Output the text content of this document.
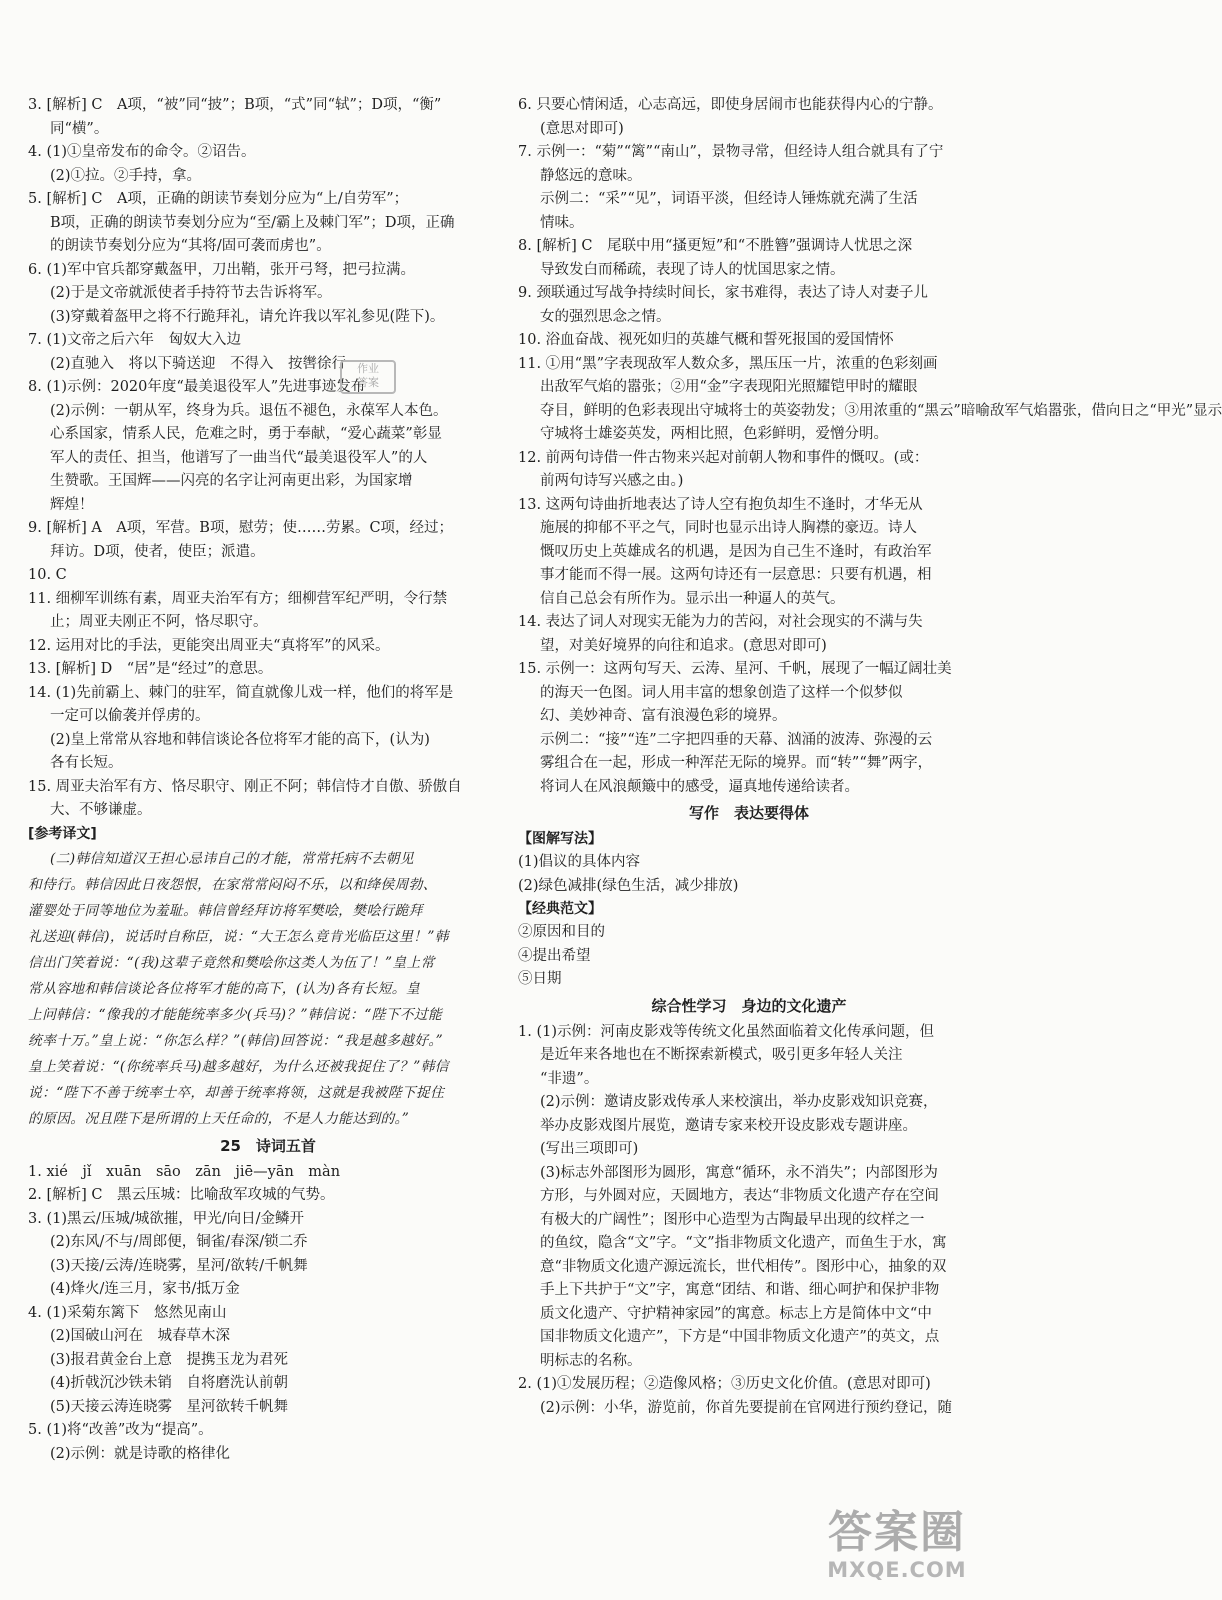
3. [解析] C　A项，“被”同“披”；B项，“式”同“轼”；D项，“衡”
同“横”。
4. (1)①皇帝发布的命令。②诏告。
(2)①拉。②手持，拿。
5. [解析] C　A项，正确的朗读节奏划分应为“上/自劳军”；
B项，正确的朗读节奏划分应为“至/霸上及棘门军”；D项，正确
的朗读节奏划分应为“其将/固可袭而虏也”。
6. (1)军中官兵都穿戴盔甲，刀出鞘，张开弓弩，把弓拉满。
(2)于是文帝就派使者手持符节去告诉将军。
(3)穿戴着盔甲之将不行跪拜礼，请允许我以军礼参见(陛下)。
7. (1)文帝之后六年　匈奴大入边
(2)直驰入　将以下骑送迎　不得入　按辔徐行
8. (1)示例：2020年度“最美退役军人”先进事迹发布
(2)示例：一朝从军，终身为兵。退伍不褪色，永葆军人本色。
心系国家，情系人民，危难之时，勇于奉献，“爱心蔬菜”彰显
军人的责任、担当，他谱写了一曲当代“最美退役军人”的人
生赞歌。王国辉——闪亮的名字让河南更出彩，为国家增
辉煌！
9. [解析] A　A项，军营。B项，慰劳；使……劳累。C项，经过；
拜访。D项，使者，使臣；派遣。
10. C
11. 细柳军训练有素，周亚夫治军有方；细柳营军纪严明，令行禁
止；周亚夫刚正不阿，恪尽职守。
12. 运用对比的手法，更能突出周亚夫“真将军”的风采。
13. [解析] D　“居”是“经过”的意思。
14. (1)先前霸上、棘门的驻军，简直就像儿戏一样，他们的将军是
一定可以偷袭并俘虏的。
(2)皇上常常从容地和韩信谈论各位将军才能的高下，(认为)
各有长短。
15. 周亚夫治军有方、恪尽职守、刚正不阿；韩信恃才自傲、骄傲自
大、不够谦虚。
[参考译文]
(二)韩信知道汉王担心忌讳自己的才能，常常托病不去朝见
和侍行。韩信因此日夜怨恨，在家常常闷闷不乐，以和绛侯周勃、
灌婴处于同等地位为羞耻。韩信曾经拜访将军樊哙，樊哙行跪拜
礼送迎(韩信)，说话时自称臣，说：“大王怎么竟肯光临臣这里！”韩
信出门笑着说：“(我)这辈子竟然和樊哙你这类人为伍了！”皇上常
常从容地和韩信谈论各位将军才能的高下，(认为)各有长短。皇
上问韩信：“像我的才能能统率多少(兵马)？”韩信说：“陛下不过能
统率十万。”皇上说：“你怎么样？”(韩信)回答说：“我是越多越好。”
皇上笑着说：“(你统率兵马)越多越好，为什么还被我捉住了？”韩信
说：“陛下不善于统率士卒，却善于统率将领，这就是我被陛下捉住
的原因。况且陛下是所谓的上天任命的，不是人力能达到的。”
25　诗词五首
1. xié　jǐ　xuān　sāo　zān　jiē—yān　màn
2. [解析] C　黑云压城：比喻敌军攻城的气势。
3. (1)黑云/压城/城欲摧，甲光/向日/金鳞开
(2)东风/不与/周郎便，铜雀/春深/锁二乔
(3)天接/云涛/连晓雾，星河/欲转/千帆舞
(4)烽火/连三月，家书/抵万金
4. (1)采菊东篱下　悠然见南山
(2)国破山河在　城春草木深
(3)报君黄金台上意　提携玉龙为君死
(4)折戟沉沙铁未销　自将磨洗认前朝
(5)天接云涛连晓雾　星河欲转千帆舞
5. (1)将“改善”改为“提高”。
(2)示例：就是诗歌的格律化
6. 只要心情闲适，心志高远，即使身居闹市也能获得内心的宁静。
(意思对即可)
7. 示例一：“菊”“篱”“南山”，景物寻常，但经诗人组合就具有了宁
静悠远的意味。
示例二：“采”“见”，词语平淡，但经诗人锤炼就充满了生活
情味。
8. [解析] C　尾联中用“搔更短”和“不胜簪”强调诗人忧思之深
导致发白而稀疏，表现了诗人的忧国思家之情。
9. 颈联通过写战争持续时间长，家书难得，表达了诗人对妻子儿
女的强烈思念之情。
10. 浴血奋战、视死如归的英雄气概和誓死报国的爱国情怀
11. ①用“黑”字表现敌军人数众多，黑压压一片，浓重的色彩刻画
出敌军气焰的嚣张；②用“金”字表现阳光照耀铠甲时的耀眼
夺目，鲜明的色彩表现出守城将士的英姿勃发；③用浓重的“黑云”暗喻敌军气焰嚣张，借向日之“甲光”显示
守城将士雄姿英发，两相比照，色彩鲜明，爱憎分明。
12. 前两句诗借一件古物来兴起对前朝人物和事件的慨叹。(或：
前两句诗写兴感之由。)
13. 这两句诗曲折地表达了诗人空有抱负却生不逢时，才华无从
施展的抑郁不平之气，同时也显示出诗人胸襟的豪迈。诗人
慨叹历史上英雄成名的机遇，是因为自己生不逢时，有政治军
事才能而不得一展。这两句诗还有一层意思：只要有机遇，相
信自己总会有所作为。显示出一种逼人的英气。
14. 表达了词人对现实无能为力的苦闷，对社会现实的不满与失
望，对美好境界的向往和追求。(意思对即可)
15. 示例一：这两句写天、云涛、星河、千帆，展现了一幅辽阔壮美
的海天一色图。词人用丰富的想象创造了这样一个似梦似
幻、美妙神奇、富有浪漫色彩的境界。
示例二：“接”“连”二字把四垂的天幕、汹涌的波涛、弥漫的云
雾组合在一起，形成一种浑茫无际的境界。而“转”“舞”两字，
将词人在风浪颠簸中的感受，逼真地传递给读者。
写作　表达要得体
【图解写法】
(1)倡议的具体内容
(2)绿色减排(绿色生活，减少排放)
【经典范文】
②原因和目的
④提出希望
⑤日期
综合性学习　身边的文化遗产
1. (1)示例：河南皮影戏等传统文化虽然面临着文化传承问题，但
是近年来各地也在不断探索新模式，吸引更多年轻人关注
“非遗”。
(2)示例：邀请皮影戏传承人来校演出，举办皮影戏知识竞赛，
举办皮影戏图片展览，邀请专家来校开设皮影戏专题讲座。
(写出三项即可)
(3)标志外部图形为圆形，寓意“循环，永不消失”；内部图形为
方形，与外圆对应，天圆地方，表达“非物质文化遗产存在空间
有极大的广阔性”；图形中心造型为古陶最早出现的纹样之一
的鱼纹，隐含“文”字。“文”指非物质文化遗产，而鱼生于水，寓
意“非物质文化遗产源远流长，世代相传”。图形中心，抽象的双
手上下共护于“文”字，寓意“团结、和谐、细心呵护和保护非物
质文化遗产、守护精神家园”的寓意。标志上方是简体中文“中
国非物质文化遗产”，下方是“中国非物质文化遗产”的英文，点
明标志的名称。
2. (1)①发展历程；②造像风格；③历史文化价值。(意思对即可)
(2)示例：小华，游览前，你首先要提前在官网进行预约登记，随
作业
答案
答案圈
MXQE.COM
